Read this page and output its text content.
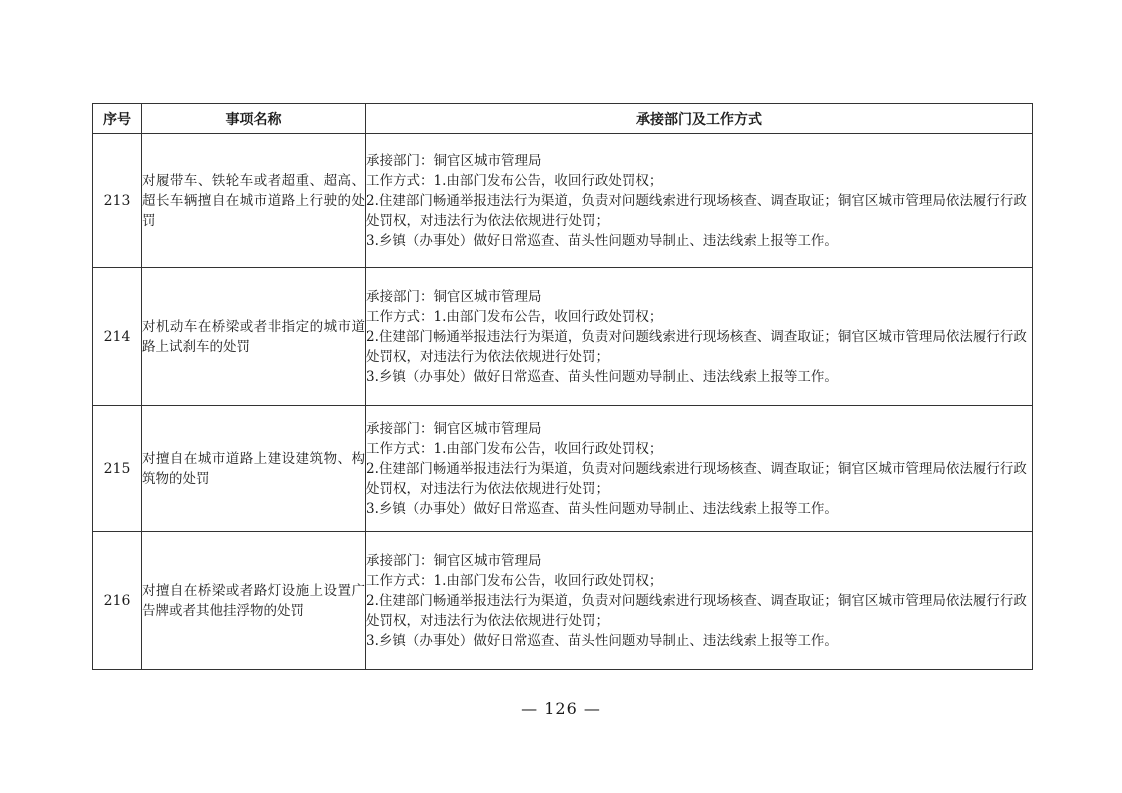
序号	事项名称	承接部门及工作方式
213	对履带车、铁轮车或者超重、超高、超长车辆擅自在城市道路上行驶的处罚	承接部门：铜官区城市管理局
工作方式：1.由部门发布公告，收回行政处罚权；
2.住建部门畅通举报违法行为渠道，负责对问题线索进行现场核查、调查取证；铜官区城市管理局依法履行行政处罚权，对违法行为依法依规进行处罚；
3.乡镇（办事处）做好日常巡查、苗头性问题劝导制止、违法线索上报等工作。

214	对机动车在桥梁或者非指定的城市道路上试刹车的处罚	承接部门：铜官区城市管理局
工作方式：1.由部门发布公告，收回行政处罚权；
2.住建部门畅通举报违法行为渠道，负责对问题线索进行现场核查、调查取证；铜官区城市管理局依法履行行政处罚权，对违法行为依法依规进行处罚；
3.乡镇（办事处）做好日常巡查、苗头性问题劝导制止、违法线索上报等工作。

215	对擅自在城市道路上建设建筑物、构筑物的处罚	承接部门：铜官区城市管理局
工作方式：1.由部门发布公告，收回行政处罚权；
2.住建部门畅通举报违法行为渠道，负责对问题线索进行现场核查、调查取证；铜官区城市管理局依法履行行政处罚权，对违法行为依法依规进行处罚；
3.乡镇（办事处）做好日常巡查、苗头性问题劝导制止、违法线索上报等工作。

216	对擅自在桥梁或者路灯设施上设置广告牌或者其他挂浮物的处罚	承接部门：铜官区城市管理局
工作方式：1.由部门发布公告，收回行政处罚权；
2.住建部门畅通举报违法行为渠道，负责对问题线索进行现场核查、调查取证；铜官区城市管理局依法履行行政处罚权，对违法行为依法依规进行处罚；
3.乡镇（办事处）做好日常巡查、苗头性问题劝导制止、违法线索上报等工作。
— 126 —
